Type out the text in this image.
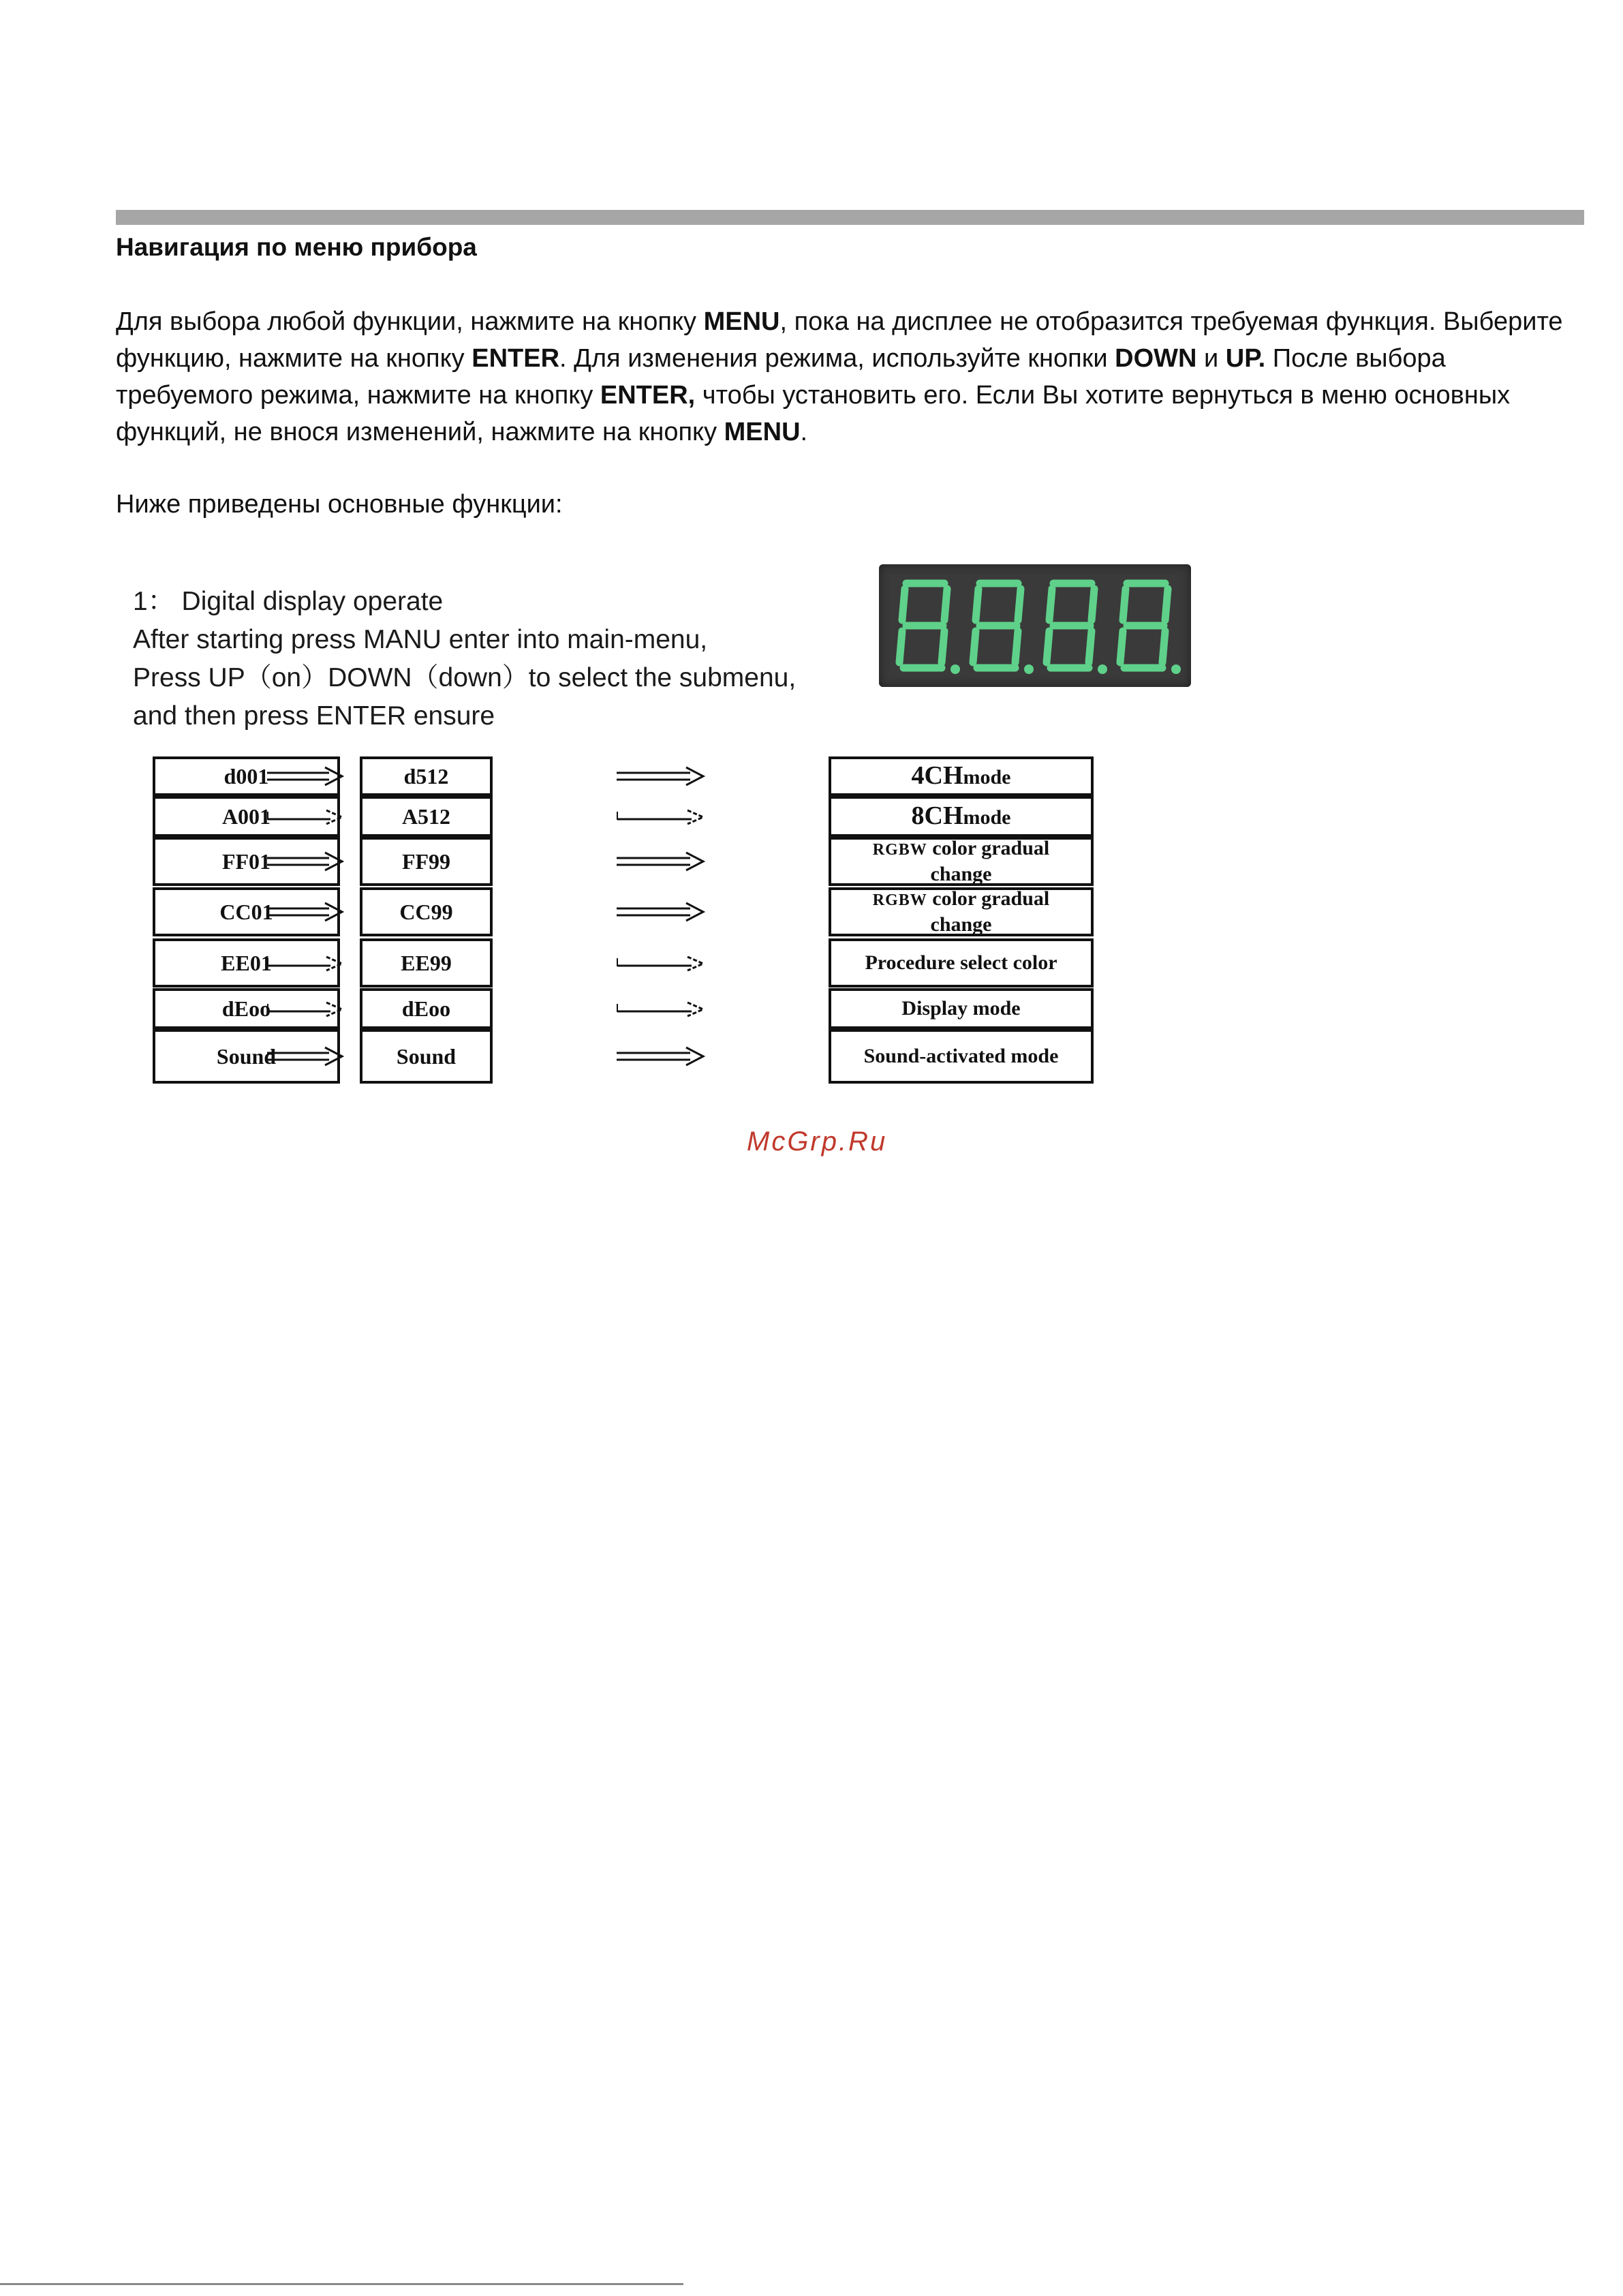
Навигация по меню прибора
Для выбора любой функции, нажмите на кнопку MENU, пока на дисплее не отобразится требуемая функция. Выберите функцию, нажмите на кнопку ENTER. Для изменения режима, используйте кнопки DOWN и UP. После выбора требуемого режима, нажмите на кнопку ENTER, чтобы установить его. Если Вы хотите вернуться в меню основных функций, не внося изменений, нажмите на кнопку MENU.
Ниже приведены основные функции:
1： Digital display operate
After starting press MANU enter into main-menu,
Press UP（on）DOWN（down）to select the submenu,
and then press ENTER ensure
d001	d512	4CHmode
A001	A512	8CHmode
FF01	FF99	RGBW color gradual change
CC01	CC99	RGBW color gradual change
EE01	EE99	Procedure select color
dEoo	dEoo	Display mode
Sound	Sound	Sound-activated mode
McGrp.Ru
